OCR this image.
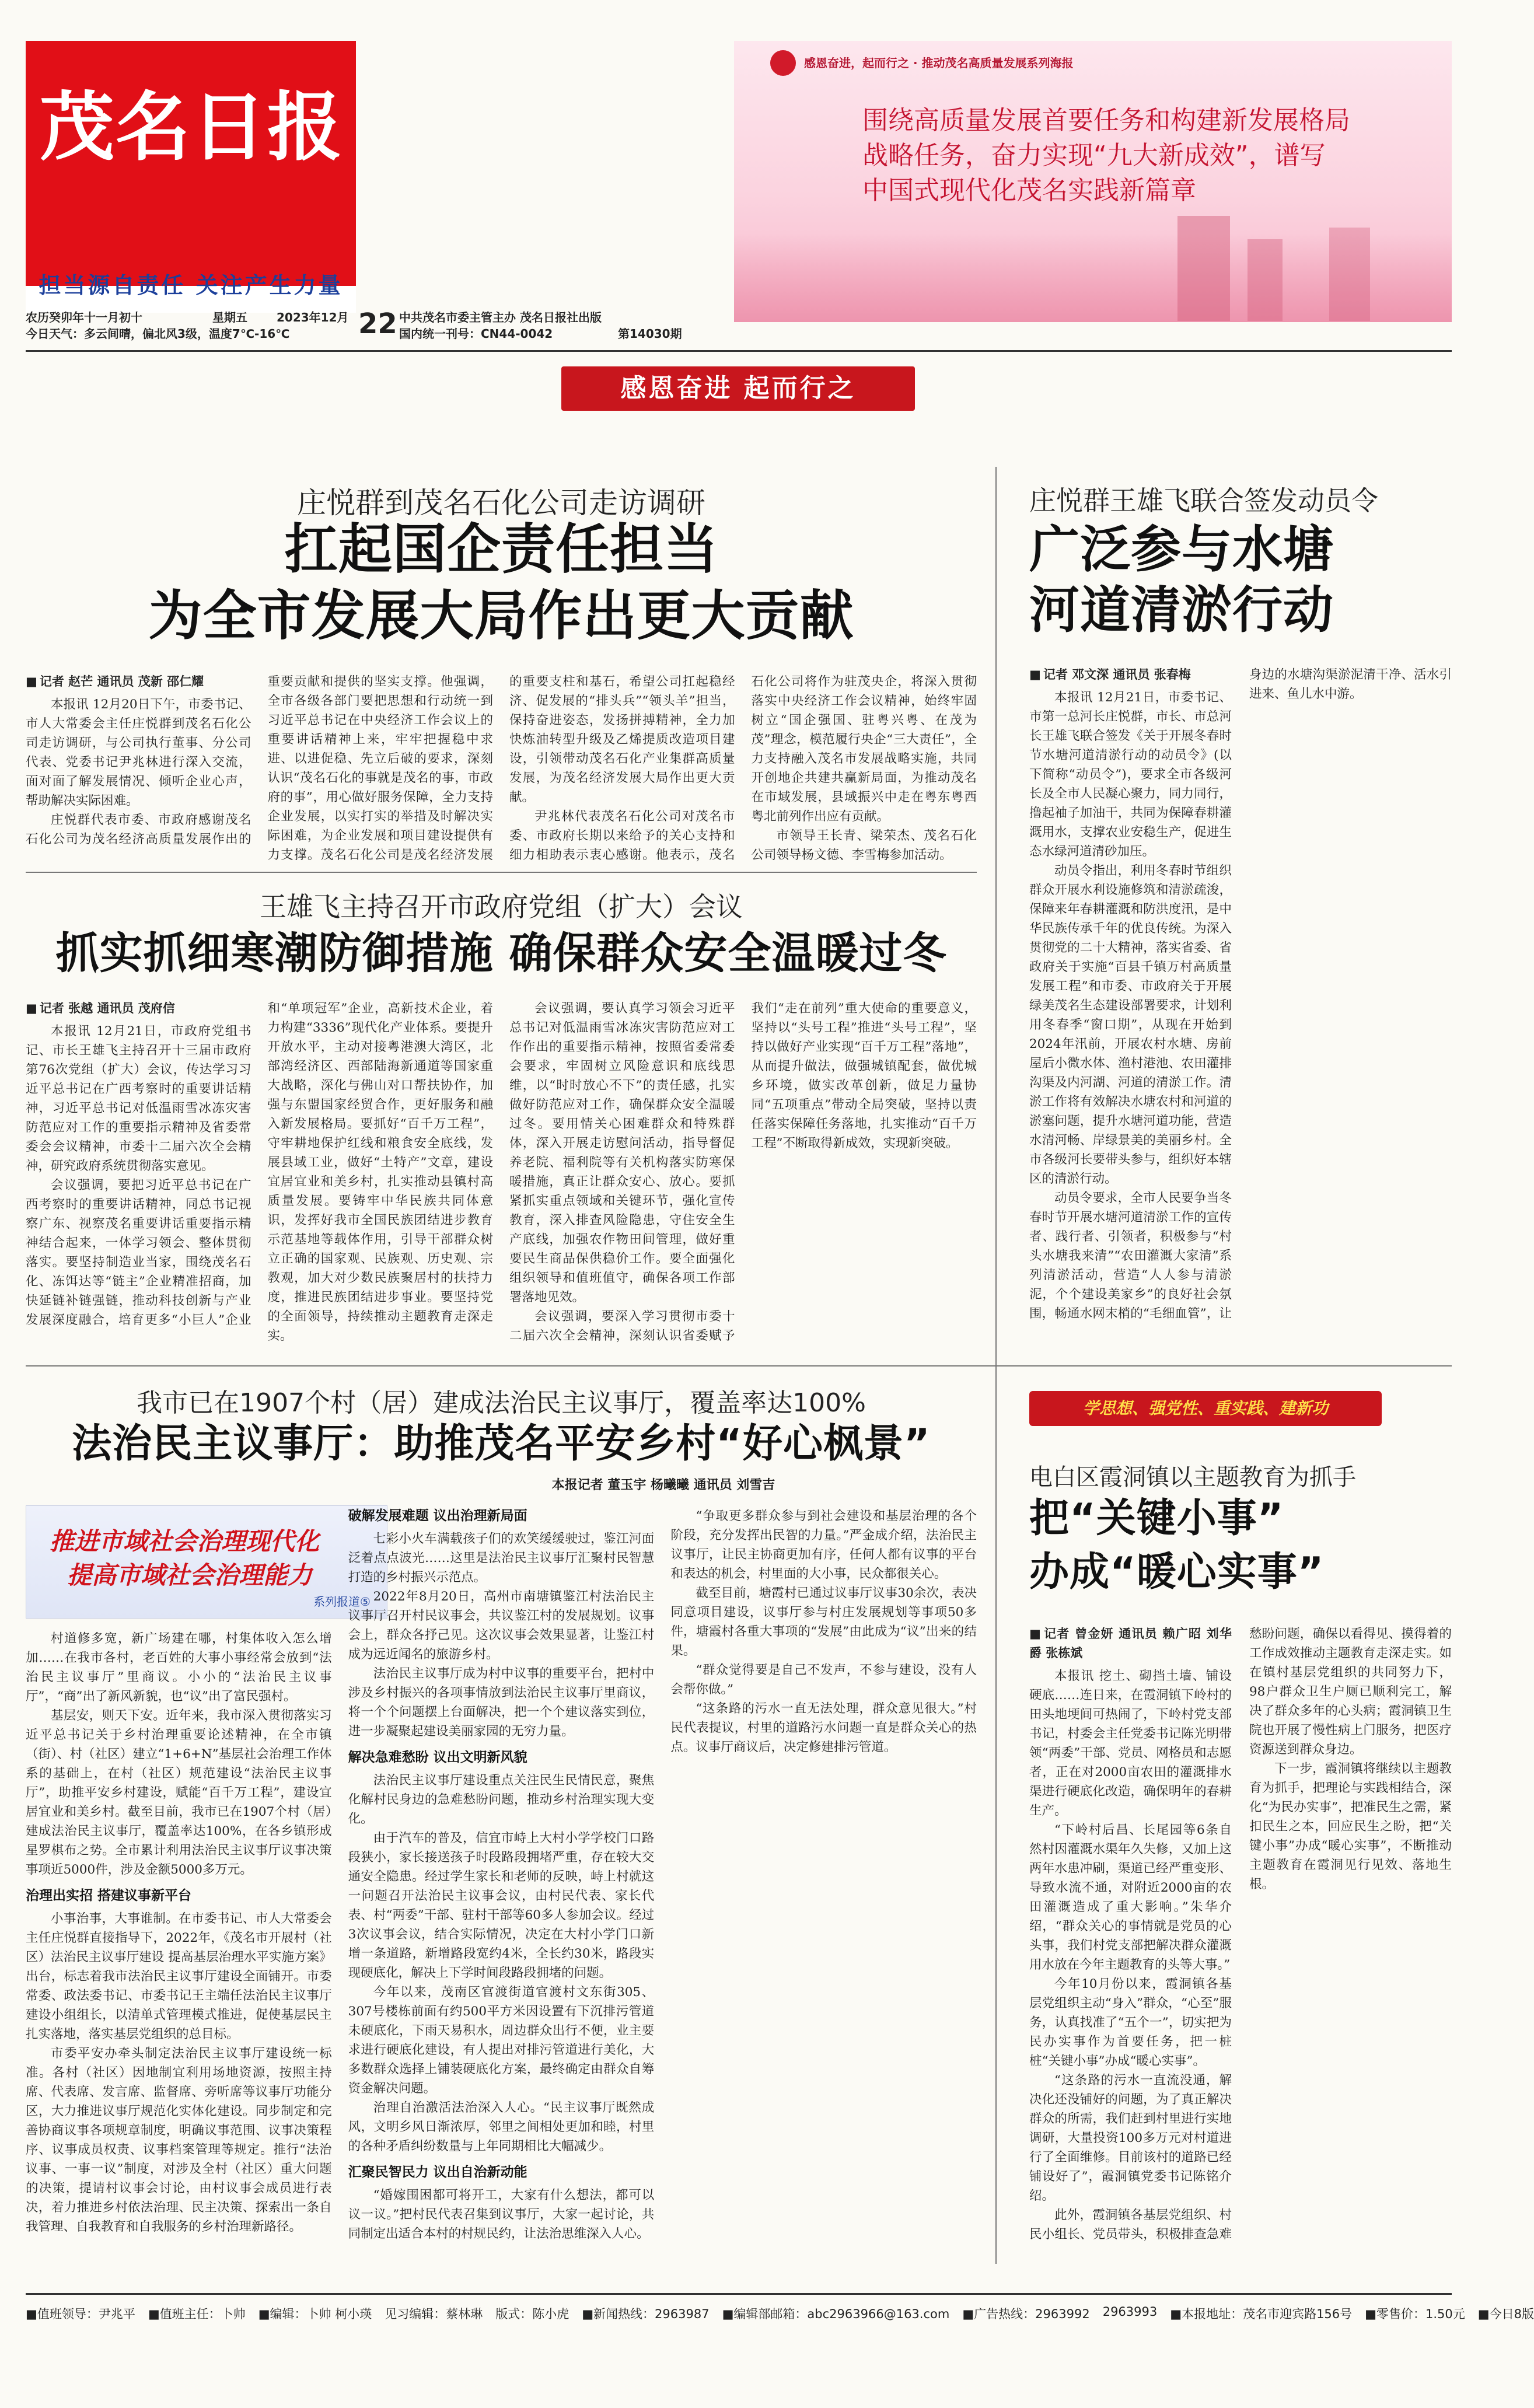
茂名日报
担当源自责任 关注产生力量
农历癸卯年十一月初十	星期五
今日天气：多云间晴，偏北风3级，温度7℃-16℃
2023年12月 22 中共茂名市委主管主办 茂名日报社出版
国内统一刊号：CN44-0042	第14030期
感恩奋进，起而行之 · 推动茂名高质量发展系列海报
围绕高质量发展首要任务和构建新发展格局
战略任务，奋力实现“九大新成效”，谱写
中国式现代化茂名实践新篇章
感恩奋进 起而行之
庄悦群到茂名石化公司走访调研
扛起国企责任担当
为全市发展大局作出更大贡献
■ 记者 赵芒 通讯员 茂新 邵仁耀

本报讯 12月20日下午，市委书记、市人大常委会主任庄悦群到茂名石化公司走访调研，与公司执行董事、分公司代表、党委书记尹兆林进行深入交流，面对面了解发展情况、倾听企业心声，帮助解决实际困难。

庄悦群代表市委、市政府感谢茂名石化公司为茂名经济高质量发展作出的重要贡献和提供的坚实支撑。他强调，全市各级各部门要把思想和行动统一到习近平总书记在中央经济工作会议上的重要讲话精神上来，牢牢把握稳中求进、以进促稳、先立后破的要求，深刻认识“茂名石化的事就是茂名的事，市政府的事”，用心做好服务保障，全力支持企业发展，以实打实的举措及时解决实际困难，为企业发展和项目建设提供有力支撑。茂名石化公司是茂名经济发展的重要支柱和基石，希望公司扛起稳经济、促发展的“排头兵”“领头羊”担当，保持奋进姿态，发扬拼搏精神，全力加快炼油转型升级及乙烯提质改造项目建设，引领带动茂名石化产业集群高质量发展，为茂名经济发展大局作出更大贡献。

尹兆林代表茂名石化公司对茂名市委、市政府长期以来给予的关心支持和细力相助表示衷心感谢。他表示，茂名石化公司将作为驻茂央企，将深入贯彻落实中央经济工作会议精神，始终牢固树立“国企强国、驻粤兴粤、在茂为茂”理念，模范履行央企“三大责任”，全力支持融入茂名市发展战略实施，共同开创地企共建共赢新局面，为推动茂名在市域发展，县域振兴中走在粤东粤西粤北前列作出应有贡献。

市领导王长青、梁荣杰、茂名石化公司领导杨文德、李雪梅参加活动。

王雄飞主持召开市政府党组（扩大）会议
抓实抓细寒潮防御措施 确保群众安全温暖过冬
■ 记者 张越 通讯员 茂府信

本报讯 12月21日，市政府党组书记、市长王雄飞主持召开十三届市政府第76次党组（扩大）会议，传达学习习近平总书记在广西考察时的重要讲话精神，习近平总书记对低温雨雪冰冻灾害防范应对工作的重要指示精神及省委常委会会议精神，市委十二届六次全会精神，研究政府系统贯彻落实意见。

会议强调，要把习近平总书记在广西考察时的重要讲话精神，同总书记视察广东、视察茂名重要讲话重要指示精神结合起来，一体学习领会、整体贯彻落实。要坚持制造业当家，围绕茂名石化、冻饵达等“链主”企业精准招商，加快延链补链强链，推动科技创新与产业发展深度融合，培育更多“小巨人”企业和“单项冠军”企业，高新技术企业，着力构建“3336”现代化产业体系。要提升开放水平，主动对接粤港澳大湾区，北部湾经济区、西部陆海新通道等国家重大战略，深化与佛山对口帮扶协作，加强与东盟国家经贸合作，更好服务和融入新发展格局。要抓好“百千万工程”，守牢耕地保护红线和粮食安全底线，发展县域工业，做好“土特产”文章，建设宜居宜业和美乡村，扎实推动县镇村高质量发展。要铸牢中华民族共同体意识，发挥好我市全国民族团结进步教育示范基地等载体作用，引导干部群众树立正确的国家观、民族观、历史观、宗教观，加大对少数民族聚居村的扶持力度，推进民族团结进步事业。要坚持党的全面领导，持续推动主题教育走深走实。

会议强调，要认真学习领会习近平总书记对低温雨雪冰冻灾害防范应对工作作出的重要指示精神，按照省委常委会要求，牢固树立风险意识和底线思维，以“时时放心不下”的责任感，扎实做好防范应对工作，确保群众安全温暖过冬。要用情关心困难群众和特殊群体，深入开展走访慰问活动，指导督促养老院、福利院等有关机构落实防寒保暖措施，真正让群众安心、放心。要抓紧抓实重点领域和关键环节，强化宣传教育，深入排查风险隐患，守住安全生产底线，加强农作物田间管理，做好重要民生商品保供稳价工作。要全面强化组织领导和值班值守，确保各项工作部署落地见效。

会议强调，要深入学习贯彻市委十二届六次全会精神，深刻认识省委赋予我们“走在前列”重大使命的重要意义，坚持以“头号工程”推进“头号工程”，坚持以做好产业实现“百千万工程”落地”，从而提升做法，做强城镇配套，做优城乡环境，做实改革创新，做足力量协同“五项重点”带动全局突破，坚持以责任落实保障任务落地，扎实推动“百千万工程”不断取得新成效，实现新突破。

庄悦群王雄飞联合签发动员令
广泛参与水塘
河道清淤行动
■ 记者 邓文深 通讯员 张春梅

本报讯 12月21日，市委书记、市第一总河长庄悦群，市长、市总河长王雄飞联合签发《关于开展冬春时节水塘河道清淤行动的动员令》(以下简称“动员令”)，要求全市各级河长及全市人民凝心聚力，同力同行，撸起袖子加油干，共同为保障春耕灌溉用水，支撑农业安稳生产，促进生态水绿河道清砂加压。

动员令指出，利用冬春时节组织群众开展水利设施修筑和清淤疏浚，保障来年春耕灌溉和防洪度汛，是中华民族传承千年的优良传统。为深入贯彻党的二十大精神，落实省委、省政府关于实施“百县千镇万村高质量发展工程”和市委、市政府关于开展绿美茂名生态建设部署要求，计划利用冬春季“窗口期”，从现在开始到2024年汛前，开展农村水塘、房前屋后小微水体、渔村港池、农田灌排沟渠及内河湖、河道的清淤工作。清淤工作将有效解决水塘农村和河道的淤塞问题，提升水塘河道功能，营造水清河畅、岸绿景美的美丽乡村。全市各级河长要带头参与，组织好本辖区的清淤行动。

动员令要求，全市人民要争当冬春时节开展水塘河道清淤工作的宣传者、践行者、引领者，积极参与“村头水塘我来清”“农田灌溉大家清”系列清淤活动，营造“人人参与清淤泥，个个建设美家乡”的良好社会氛围，畅通水网末梢的“毛细血管”，让身边的水塘沟渠淤泥清干净、活水引进来、鱼儿水中游。

我市已在1907个村（居）建成法治民主议事厅，覆盖率达100%
法治民主议事厅：助推茂名平安乡村“好心枫景”
本报记者 董玉宇 杨曦曦 通讯员 刘雪吉
推进市域社会治理现代化
提高市域社会治理能力
系列报道⑤

村道修多宽，新广场建在哪，村集体收入怎么增加……在我市各村，老百姓的大事小事经常会放到“法治民主议事厅”里商议。小小的“法治民主议事厅”，“商”出了新风新貌，也“议”出了富民强村。

基层安，则天下安。近年来，我市深入贯彻落实习近平总书记关于乡村治理重要论述精神，在全市镇（街）、村（社区）建立“1+6+N”基层社会治理工作体系的基础上，在村（社区）规范建设“法治民主议事厅”，助推平安乡村建设，赋能“百千万工程”，建设宜居宜业和美乡村。截至目前，我市已在1907个村（居）建成法治民主议事厅，覆盖率达100%，在各乡镇形成星罗棋布之势。全市累计利用法治民主议事厅议事决策事项近5000件，涉及金额5000多万元。

治理出实招 搭建议事新平台

小事治事，大事谁制。在市委书记、市人大常委会主任庄悦群直接指导下，2022年，《茂名市开展村（社区）法治民主议事厅建设 提高基层治理水平实施方案》出台，标志着我市法治民主议事厅建设全面铺开。市委常委、政法委书记、市委书记王主端任法治民主议事厅建设小组组长，以清单式管理模式推进，促使基层民主扎实落地，落实基层党组织的总目标。

市委平安办牵头制定法治民主议事厅建设统一标准。各村（社区）因地制宜利用场地资源，按照主持席、代表席、发言席、监督席、旁听席等议事厅功能分区，大力推进议事厅规范化实体化建设。同步制定和完善协商议事各项规章制度，明确议事范围、议事决策程序、议事成员权责、议事档案管理等规定。推行“法治议事、一事一议”制度，对涉及全村（社区）重大问题的决策，提请村议事会讨论，由村议事会成员进行表决，着力推进乡村依法治理、民主决策、探索出一条自我管理、自我教育和自我服务的乡村治理新路径。

破解发展难题 议出治理新局面

七彩小火车满载孩子们的欢笑缓缓驶过，鉴江河面泛着点点波光……这里是法治民主议事厅汇聚村民智慧打造的乡村振兴示范点。

2022年8月20日，高州市南塘镇鉴江村法治民主议事厅召开村民议事会，共议鉴江村的发展规划。议事会上，群众各抒己见。这次议事会效果显著，让鉴江村成为远近闻名的旅游乡村。

法治民主议事厅成为村中议事的重要平台，把村中涉及乡村振兴的各项事情放到法治民主议事厅里商议，将一个个问题摆上台面解决，把一个个建议落实到位，进一步凝聚起建设美丽家园的无穷力量。

解决急难愁盼 议出文明新风貌

法治民主议事厅建设重点关注民生民情民意，聚焦化解村民身边的急难愁盼问题，推动乡村治理实现大变化。

由于汽车的普及，信宜市峙上大村小学学校门口路段狭小，家长接送孩子时段路段拥堵严重，存在较大交通安全隐患。经过学生家长和老师的反映，峙上村就这一问题召开法治民主议事会议，由村民代表、家长代表、村“两委”干部、驻村干部等60多人参加会议。经过3次议事会议，结合实际情况，决定在大村小学门口新增一条道路，新增路段宽约4米，全长约30米，路段实现硬底化，解决上下学时间段路段拥堵的问题。

今年以来，茂南区官渡街道官渡村文东街305、307号楼栋前面有约500平方米因设置有下沉排污管道未硬底化，下雨天易积水，周边群众出行不便，业主要求进行硬底化建设，有人提出对排污管道进行美化，大多数群众选择上铺装硬底化方案，最终确定由群众自筹资金解决问题。

治理自治激活法治深入人心。“民主议事厅既然成风，文明乡风日渐浓厚，邻里之间相处更加和睦，村里的各种矛盾纠纷数量与上年同期相比大幅减少。

汇聚民智民力 议出自治新动能

“婚嫁围困都可将开工，大家有什么想法，都可以议一议。”把村民代表召集到议事厅，大家一起讨论，共同制定出适合本村的村规民约，让法治思维深入人心。

“争取更多群众参与到社会建设和基层治理的各个阶段，充分发挥出民智的力量。”严金成介绍，法治民主议事厅，让民主协商更加有序，任何人都有议事的平台和表达的机会，村里面的大小事，民众都很关心。

截至目前，塘霞村已通过议事厅议事30余次，表决同意项目建设，议事厅参与村庄发展规划等事项50多件，塘霞村各重大事项的“发展”由此成为“议”出来的结果。

“群众觉得要是自己不发声，不参与建设，没有人会帮你做。”

“这条路的污水一直无法处理，群众意见很大。”村民代表提议，村里的道路污水问题一直是群众关心的热点。议事厅商议后，决定修建排污管道。

学思想、强党性、重实践、建新功
电白区霞洞镇以主题教育为抓手
把“关键小事”
办成“暖心实事”
■ 记者 曾金妍 通讯员 赖广昭 刘华爵 张栋斌

本报讯 挖土、砌挡土墙、铺设硬底……连日来，在霞洞镇下岭村的田头地埂间可热闹了，下岭村党支部书记，村委会主任党委书记陈光明带领“两委”干部、党员、网格员和志愿者，正在对2000亩农田的灌溉排水渠进行硬底化改造，确保明年的春耕生产。

“下岭村后昌、长尾园等6条自然村因灌溉水渠年久失修，又加上这两年水患冲刷，渠道已经严重变形、导致水流不通，对附近2000亩的农田灌溉造成了重大影响。”朱华介绍，“群众关心的事情就是党员的心头事，我们村党支部把解决群众灌溉用水放在今年主题教育的头等大事。”

今年10月份以来，霞洞镇各基层党组织主动“身入”群众，“心至”服务，认真找准了“五个一”，切实把为民办实事作为首要任务，把一桩桩“关键小事”办成“暖心实事”。

“这条路的污水一直流没通，解决化还没铺好的问题，为了真正解决群众的所需，我们赶到村里进行实地调研，大量投资100多万元对村道进行了全面维修。目前该村的道路已经铺设好了”，霞洞镇党委书记陈铭介绍。

此外，霞洞镇各基层党组织、村民小组长、党员带头，积极排查急难愁盼问题，确保以看得见、摸得着的工作成效推动主题教育走深走实。如在镇村基层党组织的共同努力下，98户群众卫生户厕已顺利完工，解决了群众多年的心头病；霞洞镇卫生院也开展了慢性病上门服务，把医疗资源送到群众身边。

下一步，霞洞镇将继续以主题教育为抓手，把理论与实践相结合，深化“为民办实事”，把准民生之需，紧扣民生之本，回应民生之盼，把“关键小事”办成“暖心实事”，不断推动主题教育在霞洞见行见效、落地生根。

■值班领导：尹兆平 ■值班主任：卜帅 ■编辑：卜帅 柯小瑛 见习编辑：蔡林琳 版式：陈小虎 ■新闻热线：2963987 ■编辑部邮箱：abc2963966@163.com ■广告热线：2963992 2963993 ■本报地址：茂名市迎宾路156号 ■零售价：1.50元 ■今日8版
